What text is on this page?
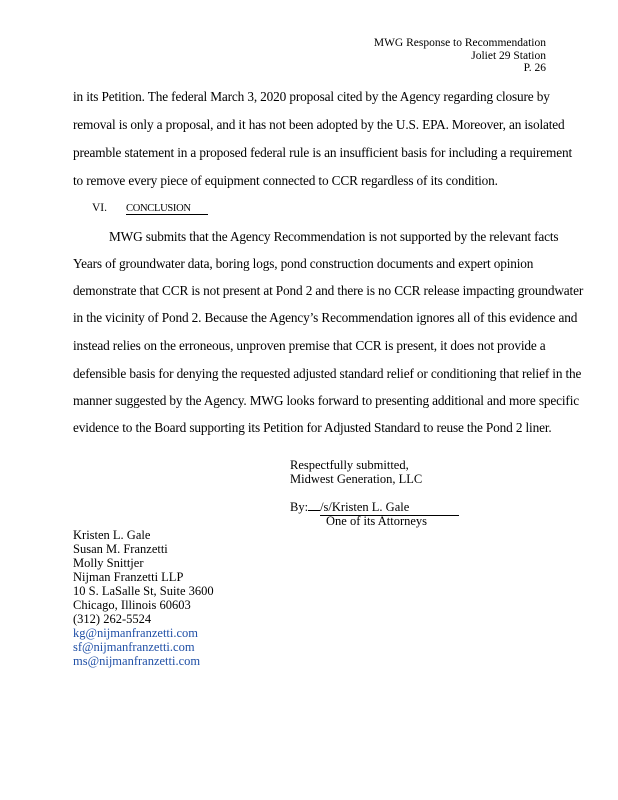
MWG Response to Recommendation
Joliet 29 Station
P. 26
in its Petition. The federal March 3, 2020 proposal cited by the Agency regarding closure by
removal is only a proposal, and it has not been adopted by the U.S. EPA. Moreover, an isolated
preamble statement in a proposed federal rule is an insufficient basis for including a requirement
to remove every piece of equipment connected to CCR regardless of its condition.
VI. CONCLUSION
MWG submits that the Agency Recommendation is not supported by the relevant facts
Years of groundwater data, boring logs, pond construction documents and expert opinion
demonstrate that CCR is not present at Pond 2 and there is no CCR release impacting groundwater
in the vicinity of Pond 2. Because the Agency’s Recommendation ignores all of this evidence and
instead relies on the erroneous, unproven premise that CCR is present, it does not provide a
defensible basis for denying the requested adjusted standard relief or conditioning that relief in the
manner suggested by the Agency. MWG looks forward to presenting additional and more specific
evidence to the Board supporting its Petition for Adjusted Standard to reuse the Pond 2 liner.
Respectfully submitted,
Midwest Generation, LLC
By: /s/Kristen L. Gale
One of its Attorneys
Kristen L. Gale
Susan M. Franzetti
Molly Snittjer
Nijman Franzetti LLP
10 S. LaSalle St, Suite 3600
Chicago, Illinois 60603
(312) 262-5524
kg@nijmanfranzetti.com
sf@nijmanfranzetti.com
ms@nijmanfranzetti.com
